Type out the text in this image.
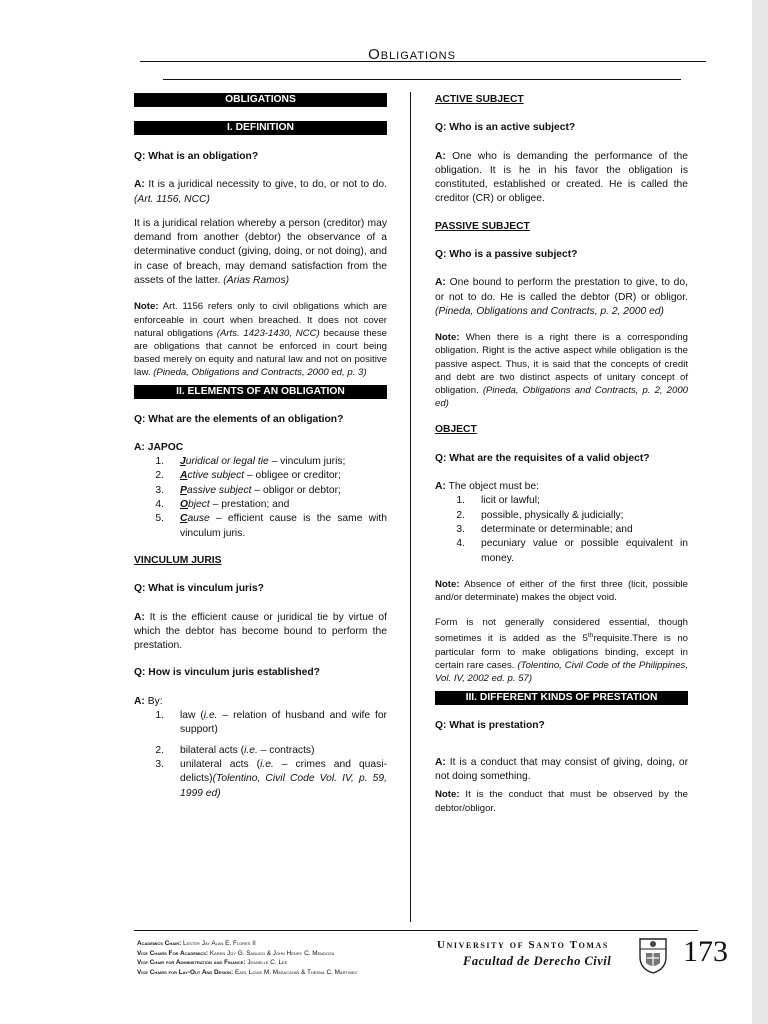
Obligations
OBLIGATIONS
I. DEFINITION

Q: What is an obligation?

A: It is a juridical necessity to give, to do, or not to do. (Art. 1156, NCC)

It is a juridical relation whereby a person (creditor) may demand from another (debtor) the observance of a determinative conduct (giving, doing, or not doing), and in case of breach, may demand satisfaction from the assets of the latter. (Arias Ramos)

Note: Art. 1156 refers only to civil obligations which are enforceable in court when breached. It does not cover natural obligations (Arts. 1423-1430, NCC) because these are obligations that cannot be enforced in court being based merely on equity and natural law and not on positive law. (Pineda, Obligations and Contracts, 2000 ed, p. 3)

II. ELEMENTS OF AN OBLIGATION

Q: What are the elements of an obligation?

A: JAPOC

1.	Juridical or legal tie – vinculum juris;
2.	Active subject – obligee or creditor;
3.	Passive subject – obligor or debtor;
4.	Object – prestation; and
5.	Cause – efficient cause is the same with vinculum juris.

VINCULUM JURIS

Q: What is vinculum juris?

A: It is the efficient cause or juridical tie by virtue of which the debtor has become bound to perform the prestation.

Q: How is vinculum juris established?

A: By:

1.	law (i.e. – relation of husband and wife for support)
2.	bilateral acts (i.e. – contracts)
3.	unilateral acts (i.e. – crimes and quasi-delicts)(Tolentino, Civil Code Vol. IV, p. 59, 1999 ed)

ACTIVE SUBJECT

Q: Who is an active subject?

A: One who is demanding the performance of the obligation. It is he in his favor the obligation is constituted, established or created. He is called the creditor (CR) or obligee.

PASSIVE SUBJECT

Q: Who is a passive subject?

A: One bound to perform the prestation to give, to do, or not to do. He is called the debtor (DR) or obligor. (Pineda, Obligations and Contracts, p. 2, 2000 ed)

Note: When there is a right there is a corresponding obligation. Right is the active aspect while obligation is the passive aspect. Thus, it is said that the concepts of credit and debt are two distinct aspects of unitary concept of obligation. (Pineda, Obligations and Contracts, p. 2, 2000 ed)

OBJECT

Q: What are the requisites of a valid object?

A: The object must be:

1.	licit or lawful;
2.	possible, physically & judicially;
3.	determinate or determinable; and
4.	pecuniary value or possible equivalent in money.

Note: Absence of either of the first three (licit, possible and/or determinate) makes the object void.

Form is not generally considered essential, though sometimes it is added as the 5threquisite.There is no particular form to make obligations binding, except in certain rare cases. (Tolentino, Civil Code of the Philippines, Vol. IV, 2002 ed. p. 57)

III. DIFFERENT KINDS OF PRESTATION

Q: What is prestation?

A: It is a conduct that may consist of giving, doing, or not doing something.

Note: It is the conduct that must be observed by the debtor/obligor.

Academics Chair: Lester Jay Alan E. Flores II
Vice Chairs For Academics: Karen Joy G. Sabugo & John Henry C. Mendoza
Vice Chair for Administration and Finance: Jeanelle C. Lee
Vice Chairs for Lay-Out And Design: Earl Louie M. Masacayan & Theena C. Martinez
University of Santo Tomas
Facultad de Derecho Civil 173
